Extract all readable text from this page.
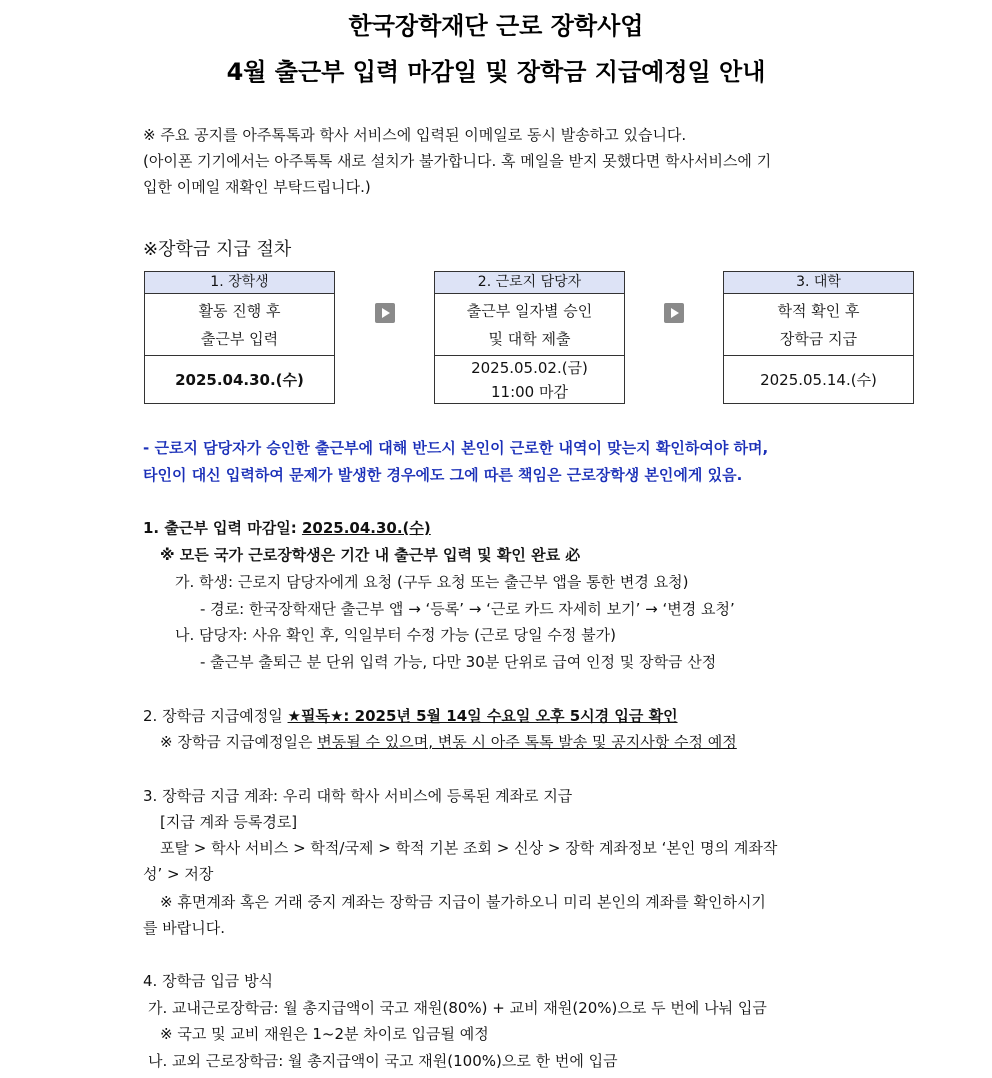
한국장학재단 근로 장학사업
4월 출근부 입력 마감일 및 장학금 지급예정일 안내
※ 주요 공지를 아주톡톡과 학사 서비스에 입력된 이메일로 동시 발송하고 있습니다.
(아이폰 기기에서는 아주톡톡 새로 설치가 불가합니다. 혹 메일을 받지 못했다면 학사서비스에 기
입한 이메일 재확인 부탁드립니다.)
※장학금 지급 절차
1. 장학생
활동 진행 후
출근부 입력
2025.04.30.(수)
2. 근로지 담당자
출근부 일자별 승인
및 대학 제출
2025.05.02.(금)
11:00 마감
3. 대학
학적 확인 후
장학금 지급
2025.05.14.(수)
- 근로지 담당자가 승인한 출근부에 대해 반드시 본인이 근로한 내역이 맞는지 확인하여야 하며,
타인이 대신 입력하여 문제가 발생한 경우에도 그에 따른 책임은 근로장학생 본인에게 있음.
1. 출근부 입력 마감일: 2025.04.30.(수)
※ 모든 국가 근로장학생은 기간 내 출근부 입력 및 확인 완료 必
가. 학생: 근로지 담당자에게 요청 (구두 요청 또는 출근부 앱을 통한 변경 요청)
- 경로: 한국장학재단 출근부 앱 → ‘등록’ → ‘근로 카드 자세히 보기’ → ‘변경 요청’
나. 담당자: 사유 확인 후, 익일부터 수정 가능 (근로 당일 수정 불가)
- 출근부 출퇴근 분 단위 입력 가능, 다만 30분 단위로 급여 인정 및 장학금 산정
2. 장학금 지급예정일 ★필독★: 2025년 5월 14일 수요일 오후 5시경 입금 확인
※ 장학금 지급예정일은 변동될 수 있으며, 변동 시 아주 톡톡 발송 및 공지사항 수정 예정
3. 장학금 지급 계좌: 우리 대학 학사 서비스에 등록된 계좌로 지급
[지급 계좌 등록경로]
포탈 > 학사 서비스 > 학적/국제 > 학적 기본 조회 > 신상 > 장학 계좌정보 ‘본인 명의 계좌작
성’ > 저장
※ 휴면계좌 혹은 거래 중지 계좌는 장학금 지급이 불가하오니 미리 본인의 계좌를 확인하시기
를 바랍니다.
4. 장학금 입금 방식
가. 교내근로장학금: 월 총지급액이 국고 재원(80%) + 교비 재원(20%)으로 두 번에 나눠 입금
※ 국고 및 교비 재원은 1~2분 차이로 입금될 예정
나. 교외 근로장학금: 월 총지급액이 국고 재원(100%)으로 한 번에 입금
